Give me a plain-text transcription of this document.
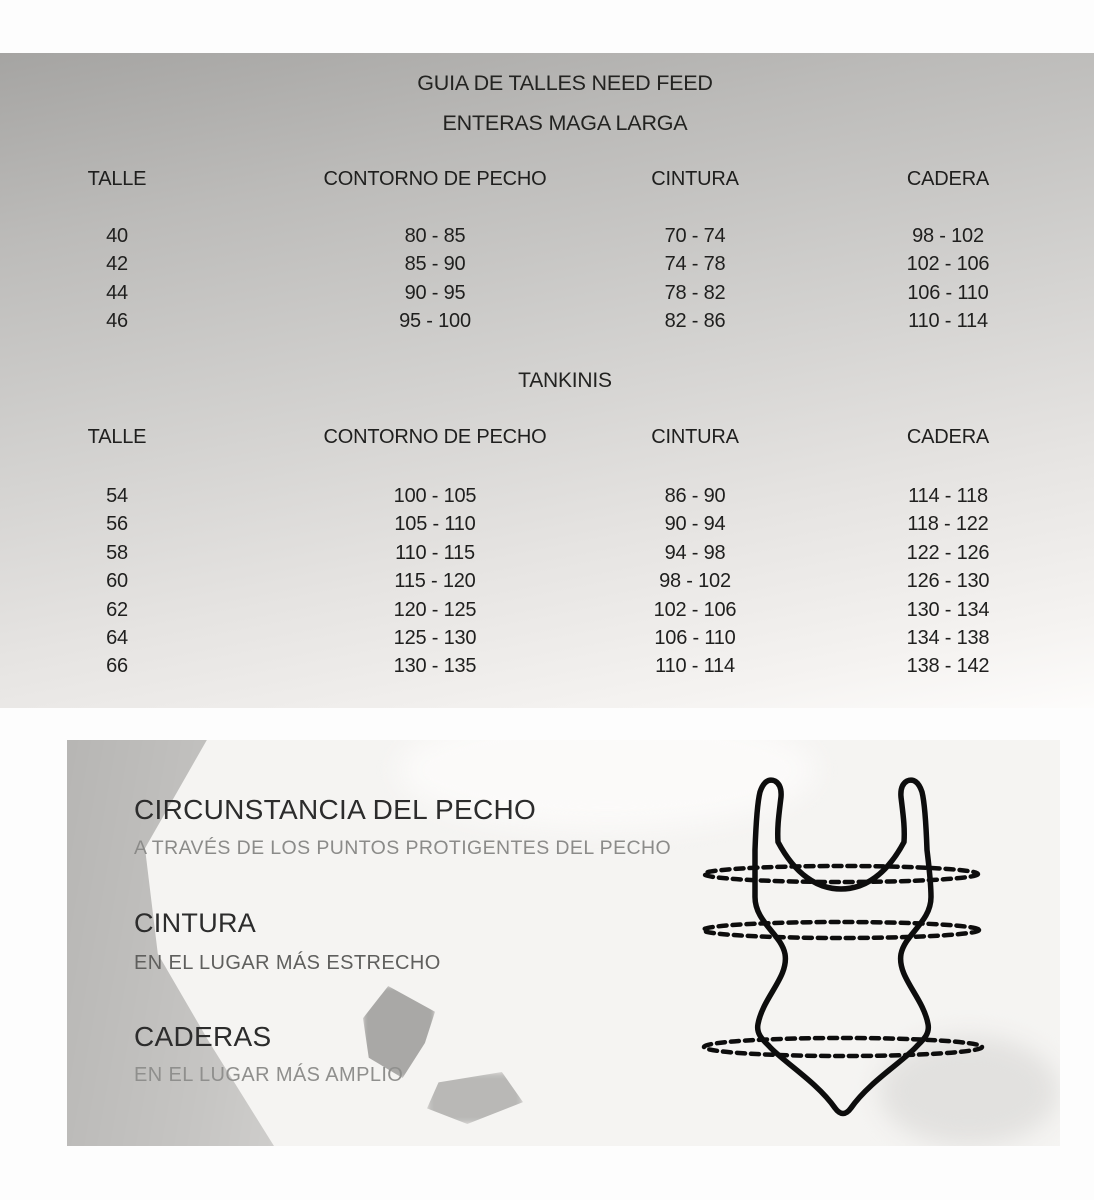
GUIA DE TALLES NEED FEED
ENTERAS MAGA LARGA
TALLE	CONTORNO DE PECHO	CINTURA	CADERA
40	80 - 85	70 - 74	98 - 102
42	85 - 90	74 - 78	102 - 106
44	90 - 95	78 - 82	106 - 110
46	95 - 100	82 - 86	110 - 114
TANKINIS
TALLE	CONTORNO DE PECHO	CINTURA	CADERA
54	100 - 105	86 - 90	114 - 118
56	105 - 110	90 - 94	118 - 122
58	110 - 115	94 - 98	122 - 126
60	115 - 120	98 - 102	126 - 130
62	120 - 125	102 - 106	130 - 134
64	125 - 130	106 - 110	134 - 138
66	130 - 135	110 - 114	138 - 142
CIRCUNSTANCIA DEL PECHO
A TRAVÉS DE LOS PUNTOS PROTIGENTES DEL PECHO
CINTURA
EN EL LUGAR MÁS ESTRECHO
CADERAS
EN EL LUGAR MÁS AMPLIO
